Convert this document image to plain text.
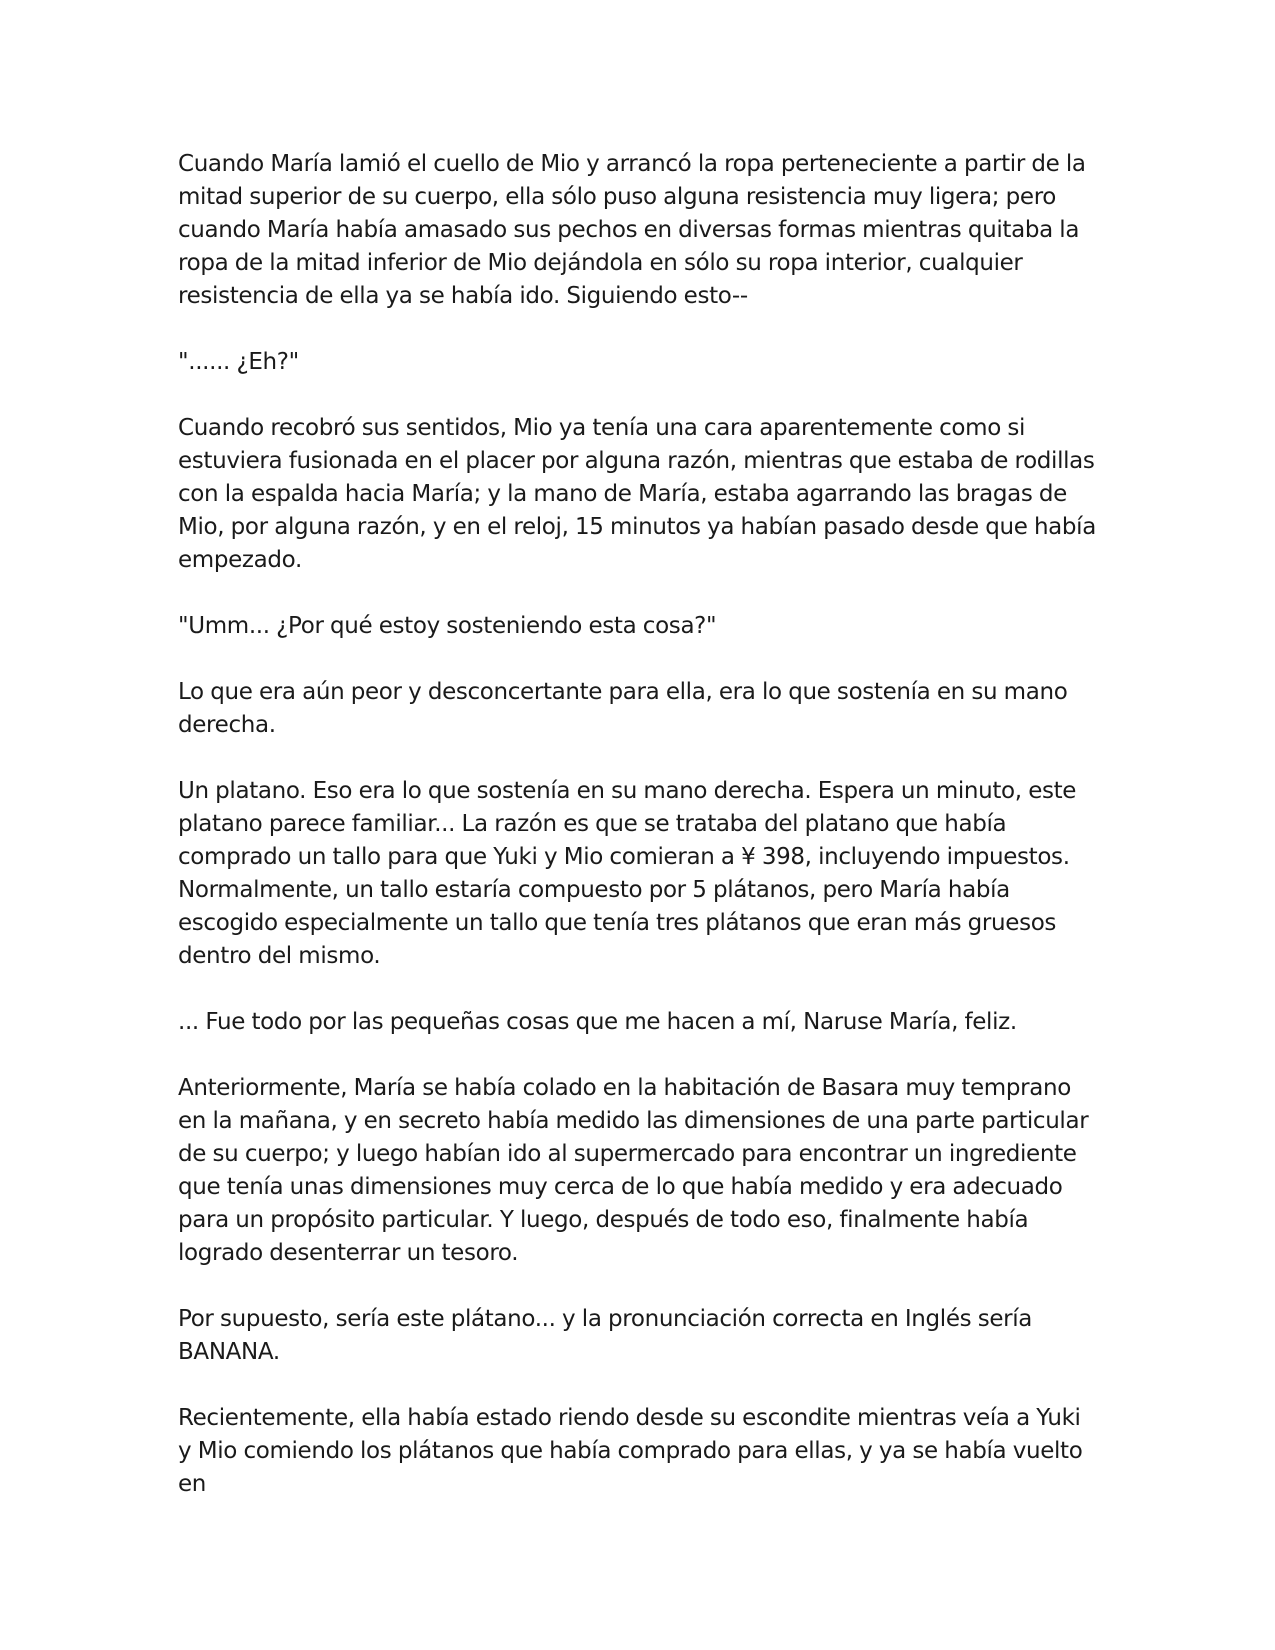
Cuando María lamió el cuello de Mio y arrancó la ropa perteneciente a partir de la mitad superior de su cuerpo, ella sólo puso alguna resistencia muy ligera; pero cuando María había amasado sus pechos en diversas formas mientras quitaba la ropa de la mitad inferior de Mio dejándola en sólo su ropa interior, cualquier resistencia de ella ya se había ido. Siguiendo esto--

"...... ¿Eh?"

Cuando recobró sus sentidos, Mio ya tenía una cara aparentemente como si estuviera fusionada en el placer por alguna razón, mientras que estaba de rodillas con la espalda hacia María; y la mano de María, estaba agarrando las bragas de Mio, por alguna razón, y en el reloj, 15 minutos ya habían pasado desde que había empezado.

"Umm... ¿Por qué estoy sosteniendo esta cosa?"

Lo que era aún peor y desconcertante para ella, era lo que sostenía en su mano derecha.

Un platano. Eso era lo que sostenía en su mano derecha. Espera un minuto, este platano parece familiar... La razón es que se trataba del platano que había comprado un tallo para que Yuki y Mio comieran a ¥ 398, incluyendo impuestos. Normalmente, un tallo estaría compuesto por 5 plátanos, pero María había escogido especialmente un tallo que tenía tres plátanos que eran más gruesos dentro del mismo.

... Fue todo por las pequeñas cosas que me hacen a mí, Naruse María, feliz.

Anteriormente, María se había colado en la habitación de Basara muy temprano en la mañana, y en secreto había medido las dimensiones de una parte particular de su cuerpo; y luego habían ido al supermercado para encontrar un ingrediente que tenía unas dimensiones muy cerca de lo que había medido y era adecuado para un propósito particular. Y luego, después de todo eso, finalmente había logrado desenterrar un tesoro.

Por supuesto, sería este plátano... y la pronunciación correcta en Inglés sería BANANA.

Recientemente, ella había estado riendo desde su escondite mientras veía a Yuki y Mio comiendo los plátanos que había comprado para ellas, y ya se había vuelto en
